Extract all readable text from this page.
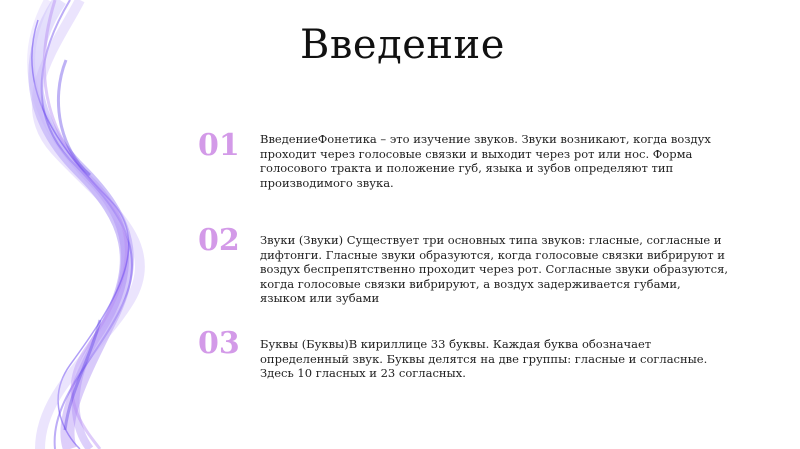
Введение
01 ВведениеФонетика – это изучение звуков. Звуки возникают, когда воздух проходит через голосовые связки и выходит через рот или нос. Форма голосового тракта и положение губ, языка и зубов определяют тип производимого звука.
02 Звуки (Звуки) Существует три основных типа звуков: гласные, согласные и дифтонги. Гласные звуки образуются, когда голосовые связки вибрируют и воздух беспрепятственно проходит через рот. Согласные звуки образуются, когда голосовые связки вибрируют, а воздух задерживается губами, языком или зубами
03 Буквы (Буквы)В кириллице 33 буквы. Каждая буква обозначает определенный звук. Буквы делятся на две группы: гласные и согласные. Здесь 10 гласных и 23 согласных.
